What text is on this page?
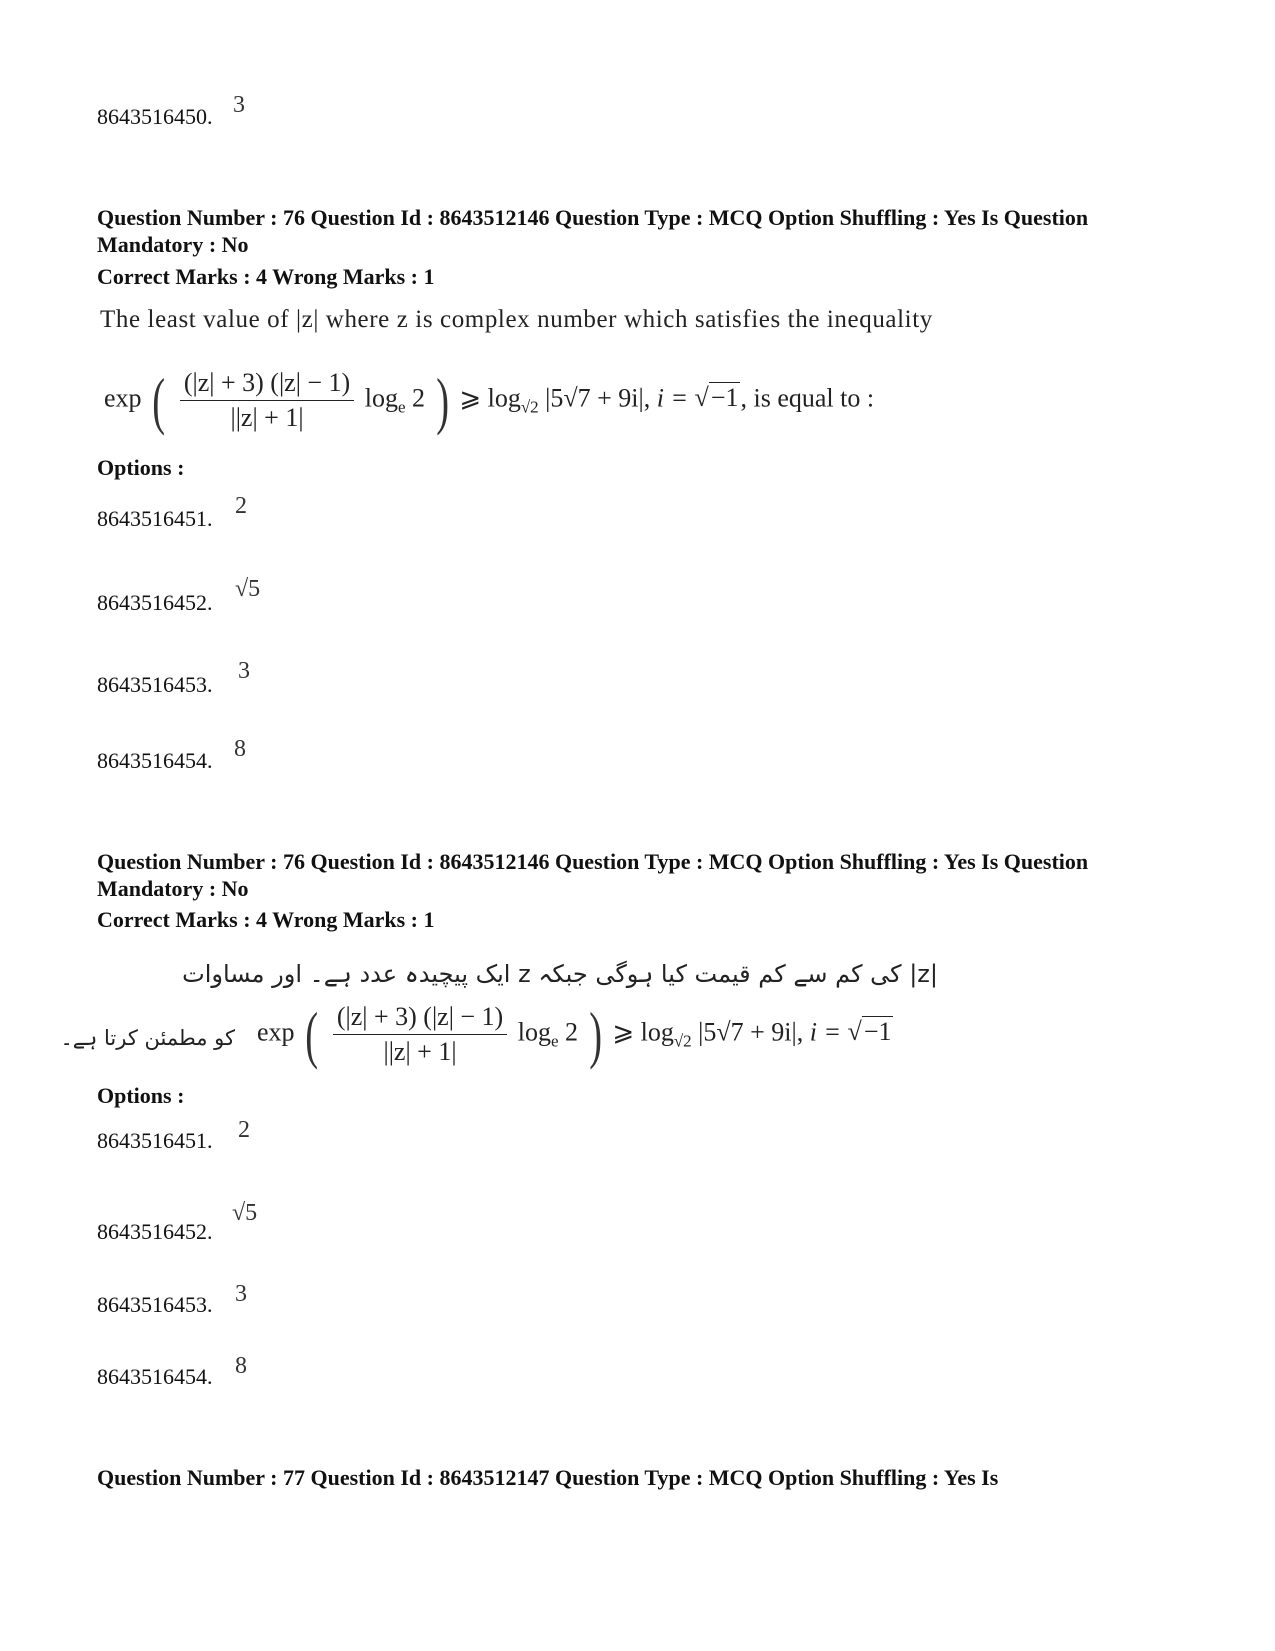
8643516450. 3
Question Number : 76 Question Id : 8643512146 Question Type : MCQ Option Shuffling : Yes Is Question Mandatory : No
Correct Marks : 4 Wrong Marks : 1
The least value of |z| where z is complex number which satisfies the inequality
exp ( $\frac{(|z| + 3) (|z| - 1)}{||z| + 1|} \log_e 2$ ) ⩾ $\log_{√2} |5√7 + 9i|$, i = √−1, is equal to :
Options :
8643516451. 2
8643516452.
√5
8643516453.
3
8643516454. 8
Question Number : 76 Question Id : 8643512146 Question Type : MCQ Option Shuffling : Yes Is Question Mandatory : No
Correct Marks : 4 Wrong Marks : 1
|z| کی کم سے کم قیمت کیا ہوگی جبکہ z ایک پیچیدہ عدد ہے۔ اور مساوات
کو مطمئن کرتا ہے۔ exp ( $\frac{(|z| + 3) (|z| - 1)}{||z| + 1|} \log_e 2$ ) ⩾ $\log_{√2} |5√7 + 9i|$, i = √−1
Options :
8643516451. 2
8643516452.
√5
8643516453. 3
8643516454. 8
Question Number : 77 Question Id : 8643512147 Question Type : MCQ Option Shuffling : Yes Is
